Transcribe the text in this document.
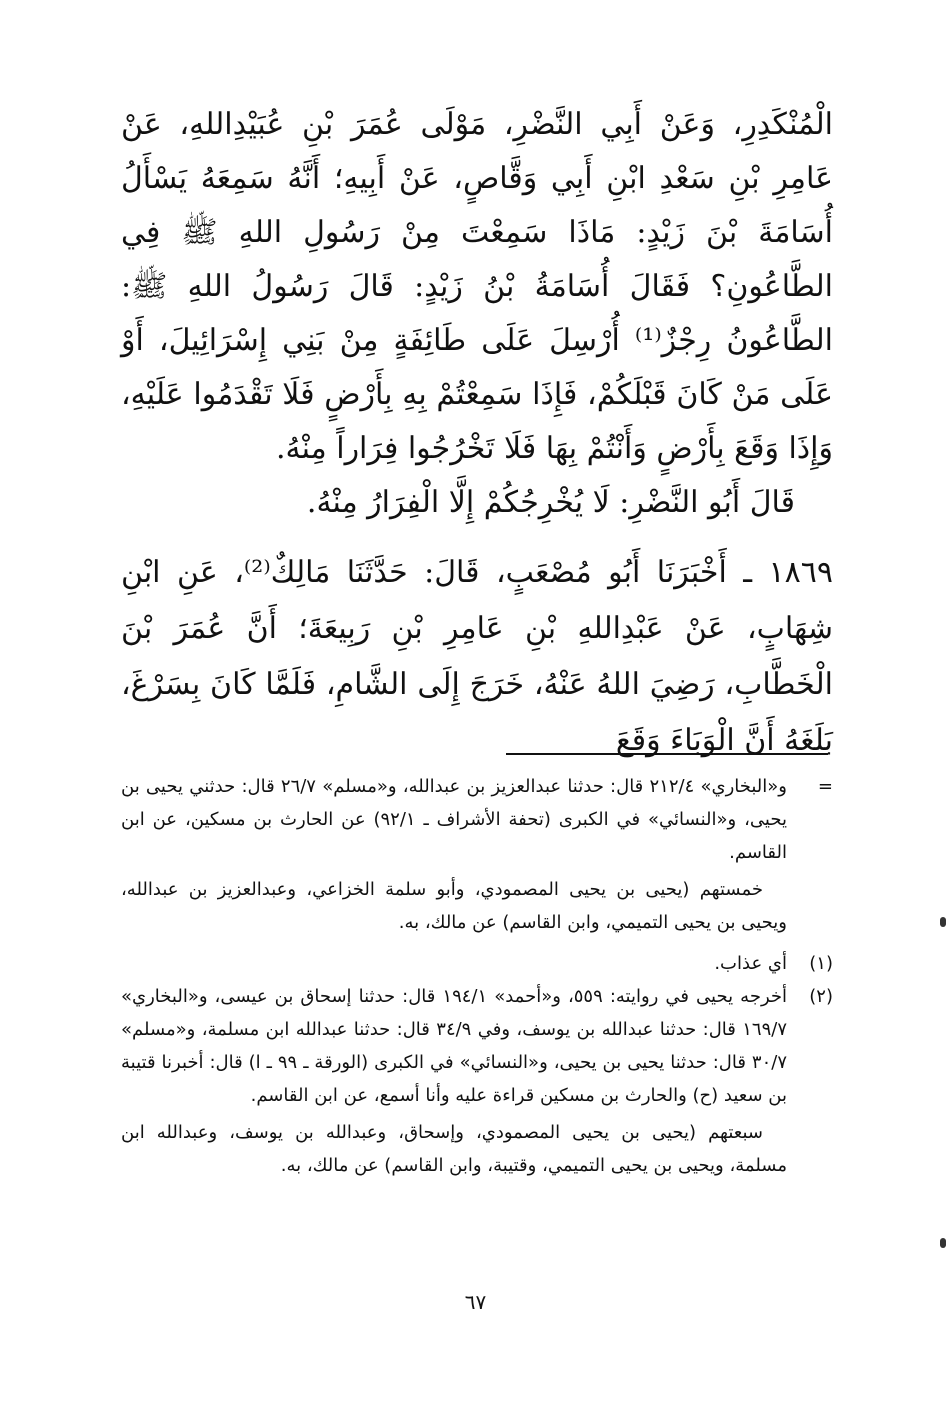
الْمُنْكَدِرِ، وَعَنْ أَبِي النَّضْرِ، مَوْلَى عُمَرَ بْنِ عُبَيْدِاللهِ، عَنْ عَامِرِ بْنِ سَعْدِ ابْنِ أَبِي وَقَّاصٍ، عَنْ أَبِيهِ؛ أَنَّهُ سَمِعَهُ يَسْأَلُ أُسَامَةَ بْنَ زَيْدٍ: مَاذَا سَمِعْتَ مِنْ رَسُولِ اللهِ ﷺ فِي الطَّاعُونِ؟ فَقَالَ أُسَامَةُ بْنُ زَيْدٍ: قَالَ رَسُولُ اللهِ ﷺ: الطَّاعُونُ رِجْزٌ⁽¹⁾ أُرْسِلَ عَلَى طَائِفَةٍ مِنْ بَنِي إِسْرَائِيلَ، أَوْ عَلَى مَنْ كَانَ قَبْلَكُمْ، فَإِذَا سَمِعْتُمْ بِهِ بِأَرْضٍ فَلَا تَقْدَمُوا عَلَيْهِ، وَإِذَا وَقَعَ بِأَرْضٍ وَأَنْتُمْ بِهَا فَلَا تَخْرُجُوا فِرَاراً مِنْهُ.

قَالَ أَبُو النَّضْرِ: لَا يُخْرِجُكُمْ إِلَّا الْفِرَارُ مِنْهُ.

١٨٦٩ ـ أَخْبَرَنَا أَبُو مُصْعَبٍ، قَالَ: حَدَّثَنَا مَالِكٌ⁽²⁾، عَنِ ابْنِ شِهَابٍ، عَنْ عَبْدِاللهِ بْنِ عَامِرِ بْنِ رَبِيعَةَ؛ أَنَّ عُمَرَ بْنَ الْخَطَّابِ، رَضِيَ اللهُ عَنْهُ، خَرَجَ إِلَى الشَّامِ، فَلَمَّا كَانَ بِسَرْغَ، بَلَغَهُ أَنَّ الْوَبَاءَ وَقَعَ

=

و«البخاري» ٢١٢/٤ قال: حدثنا عبدالعزيز بن عبدالله، و«مسلم» ٢٦/٧ قال: حدثني يحيى بن يحيى، و«النسائي» في الكبرى (تحفة الأشراف ـ ٩٢/١) عن الحارث بن مسكين، عن ابن القاسم.

خمستهم (يحيى بن يحيى المصمودي، وأبو سلمة الخزاعي، وعبدالعزيز بن عبدالله، ويحيى بن يحيى التميمي، وابن القاسم) عن مالك، به.

(١)

أي عذاب.

(٢)

أخرجه يحيى في روايته: ٥٥٩، و«أحمد» ١٩٤/١ قال: حدثنا إسحاق بن عيسى، و«البخاري» ١٦٩/٧ قال: حدثنا عبدالله بن يوسف، وفي ٣٤/٩ قال: حدثنا عبدالله ابن مسلمة، و«مسلم» ٣٠/٧ قال: حدثنا يحيى بن يحيى، و«النسائي» في الكبرى (الورقة ـ ٩٩ ـ ا) قال: أخبرنا قتيبة بن سعيد (ح) والحارث بن مسكين قراءة عليه وأنا أسمع، عن ابن القاسم.

سبعتهم (يحيى بن يحيى المصمودي، وإسحاق، وعبدالله بن يوسف، وعبدالله ابن مسلمة، ويحيى بن يحيى التميمي، وقتيبة، وابن القاسم) عن مالك، به.

٦٧
